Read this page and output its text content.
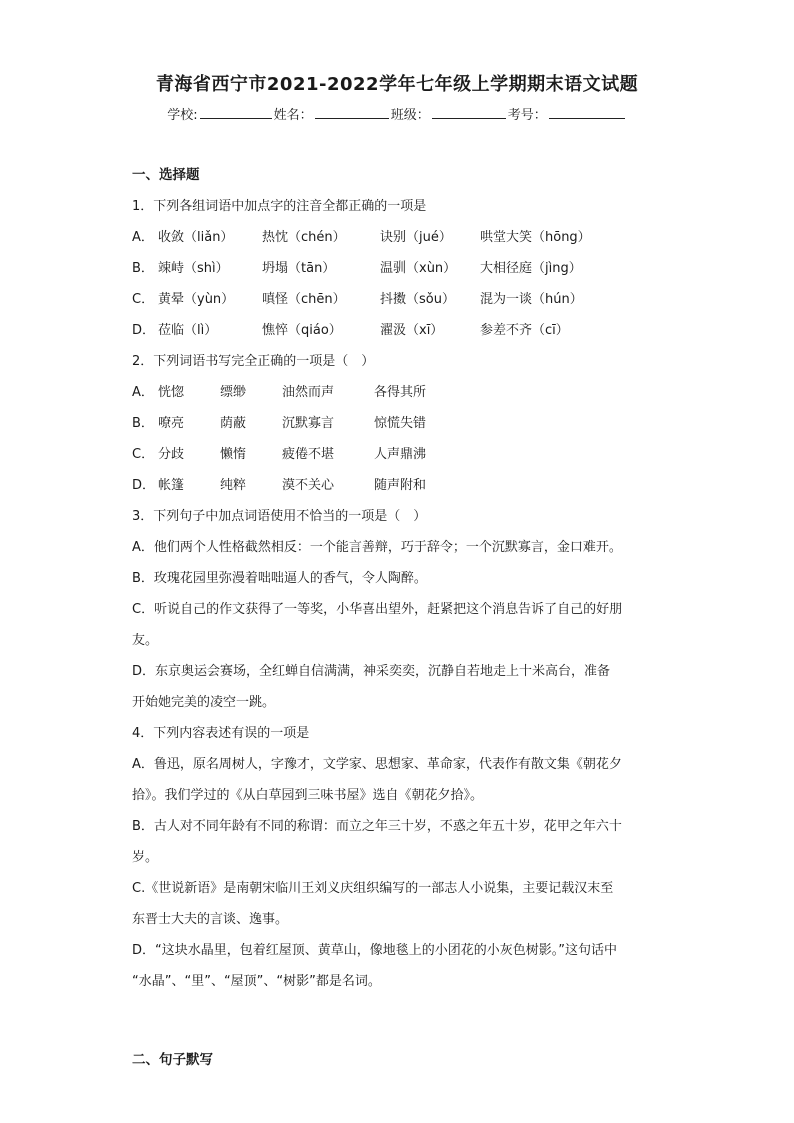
青海省西宁市2021-2022学年七年级上学期期末语文试题
学校:	姓名：	班级：	考号：
一、选择题
1．下列各组词语中加点字的注音全都正确的一项是
A． 收敛（liǎn）	热忱（chén）	诀别（jué）	哄堂大笑（hōng）
B． 竦峙（shì）	坍塌（tān）	温驯（xùn）	大相径庭（jìng）
C． 黄晕（yùn）	嗔怪（chēn）	抖擞（sǒu）	混为一谈（hún）
D． 莅临（lì）	憔悴（qiáo）	濯汲（xī）	参差不齐（cī）
2．下列词语书写完全正确的一项是（　）
A． 恍惚	缥缈	油然而声	各得其所
B． 嘹亮	荫蔽	沉默寡言	惊慌失错
C． 分歧	懒惰	疲倦不堪	人声鼎沸
D． 帐篷	纯粹	漠不关心	随声附和
3．下列句子中加点词语使用不恰当的一项是（　）
A．他们两个人性格截然相反：一个能言善辩，巧于辞令；一个沉默寡言，金口难开。
B．玫瑰花园里弥漫着咄咄逼人的香气，令人陶醉。
C．听说自己的作文获得了一等奖，小华喜出望外，赶紧把这个消息告诉了自己的好朋
友。
D．东京奥运会赛场，全红蝉自信满满，神采奕奕，沉静自若地走上十米高台，准备
开始她完美的凌空一跳。
4．下列内容表述有误的一项是
A．鲁迅，原名周树人，字豫才，文学家、思想家、革命家，代表作有散文集《朝花夕
拾》。我们学过的《从白草园到三味书屋》选自《朝花夕拾》。
B．古人对不同年龄有不同的称谓：而立之年三十岁，不惑之年五十岁，花甲之年六十
岁。
C.《世说新语》是南朝宋临川王刘义庆组织编写的一部志人小说集，主要记载汉末至
东晋士大夫的言谈、逸事。
D．“这块水晶里，包着红屋顶、黄草山，像地毯上的小团花的小灰色树影。”这句话中
“水晶”、“里”、“屋顶”、“树影”都是名词。
二、句子默写
